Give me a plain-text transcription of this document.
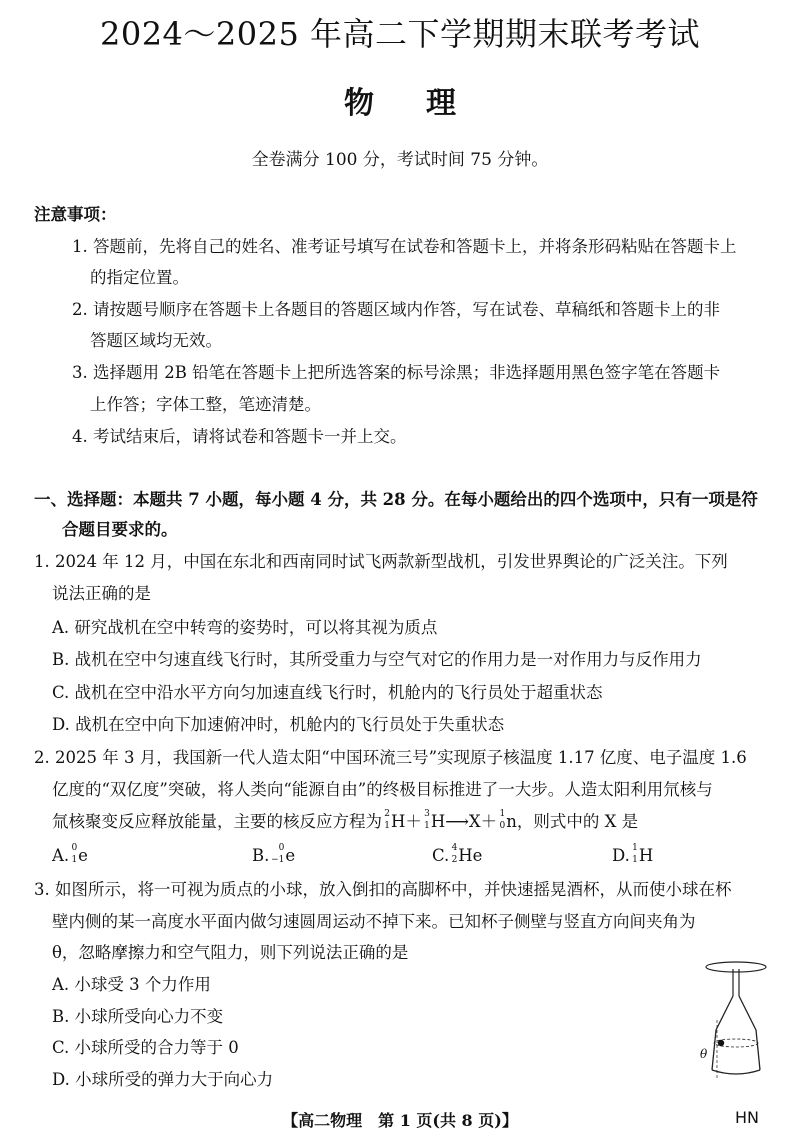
2024～2025 年高二下学期期末联考考试
物理
全卷满分 100 分，考试时间 75 分钟。
注意事项：
1. 答题前，先将自己的姓名、准考证号填写在试卷和答题卡上，并将条形码粘贴在答题卡上
的指定位置。
2. 请按题号顺序在答题卡上各题目的答题区域内作答，写在试卷、草稿纸和答题卡上的非
答题区域均无效。
3. 选择题用 2B 铅笔在答题卡上把所选答案的标号涂黑；非选择题用黑色签字笔在答题卡
上作答；字体工整，笔迹清楚。
4. 考试结束后，请将试卷和答题卡一并上交。
一、选择题：本题共 7 小题，每小题 4 分，共 28 分。在每小题给出的四个选项中，只有一项是符
合题目要求的。
1. 2024 年 12 月，中国在东北和西南同时试飞两款新型战机，引发世界舆论的广泛关注。下列
说法正确的是
A. 研究战机在空中转弯的姿势时，可以将其视为质点
B. 战机在空中匀速直线飞行时，其所受重力与空气对它的作用力是一对作用力与反作用力
C. 战机在空中沿水平方向匀加速直线飞行时，机舱内的飞行员处于超重状态
D. 战机在空中向下加速俯冲时，机舱内的飞行员处于失重状态
2. 2025 年 3 月，我国新一代人造太阳“中国环流三号”实现原子核温度 1.17 亿度、电子温度 1.6
亿度的“双亿度”突破，将人类向“能源自由”的终极目标推进了一大步。人造太阳利用氘核与
氚核聚变反应释放能量，主要的核反应方程为 2
1 H＋ 3
1 H⟶X＋ 1
0 n，则式中的 X 是
A. 0
1 e	B. 0
−1 e	C. 4
2 He	D. 1
1 H
3. 如图所示，将一可视为质点的小球，放入倒扣的高脚杯中，并快速摇晃酒杯，从而使小球在杯
壁内侧的某一高度水平面内做匀速圆周运动不掉下来。已知杯子侧壁与竖直方向间夹角为
θ，忽略摩擦力和空气阻力，则下列说法正确的是
A. 小球受 3 个力作用
B. 小球所受向心力不变
C. 小球所受的合力等于 0
D. 小球所受的弹力大于向心力
θ
【高二物理　第 1 页(共 8 页)】	HN
